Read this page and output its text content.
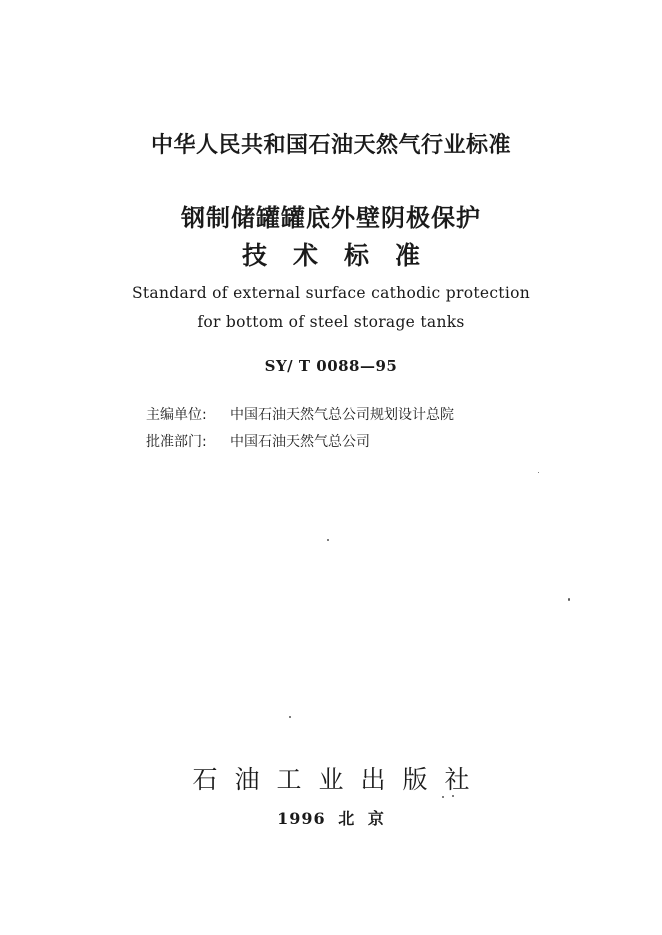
中华人民共和国石油天然气行业标准
钢制储罐罐底外壁阴极保护
技术标准
Standard of external surface cathodic protection
for bottom of steel storage tanks
SY/ T 0088—95
主编单位: 中国石油天然气总公司规划设计总院
批准部门: 中国石油天然气总公司
石油工业出版社
1996 北 京
